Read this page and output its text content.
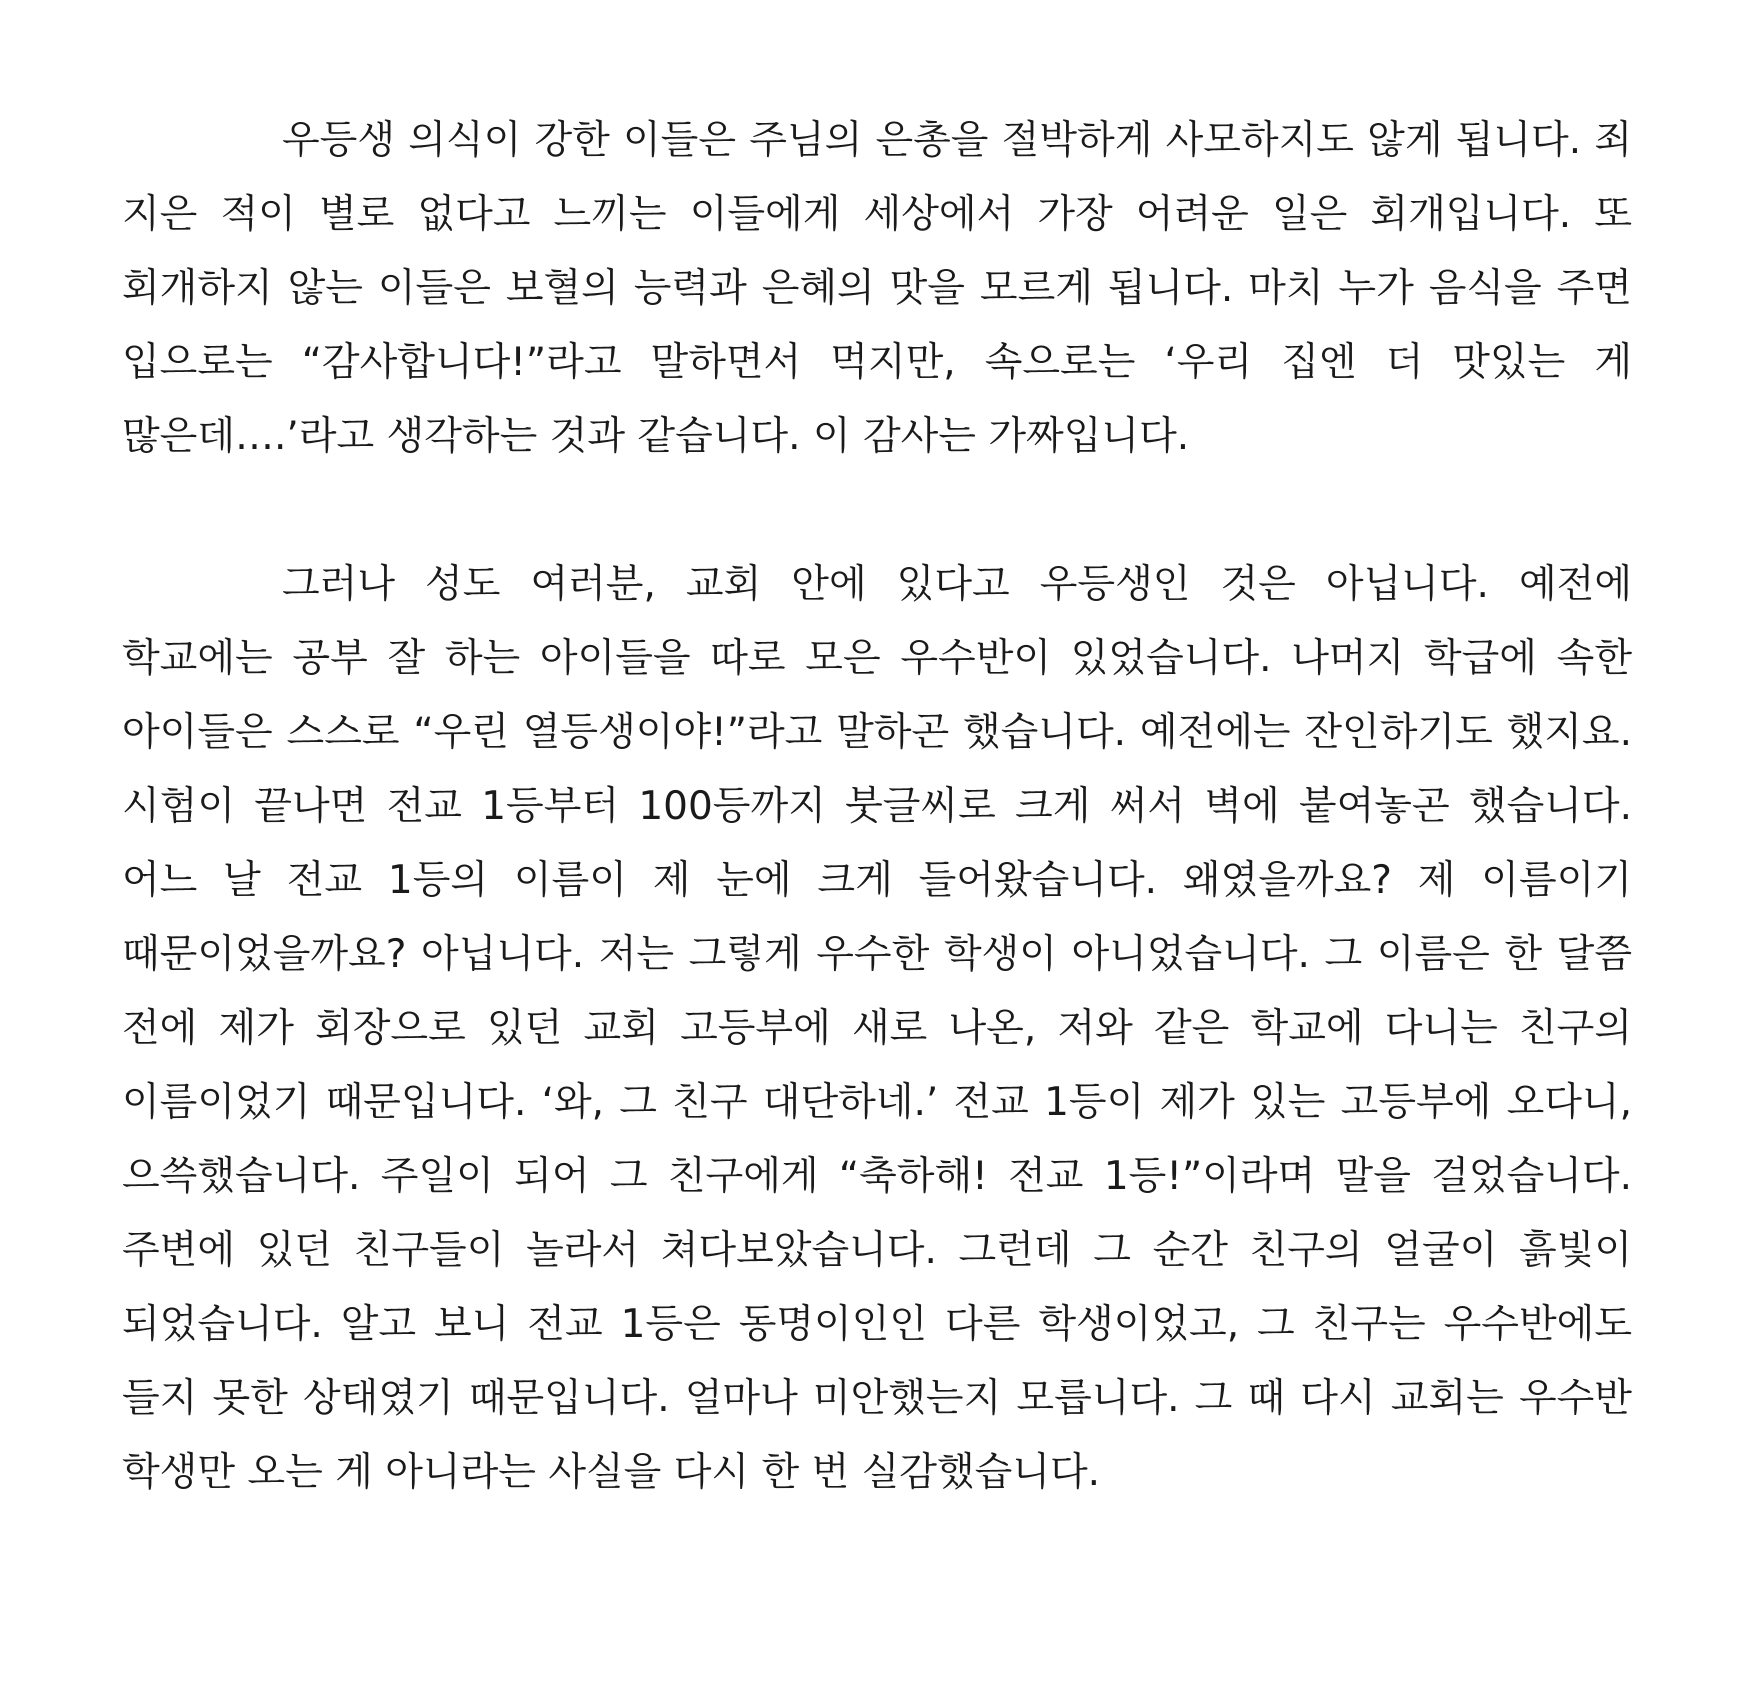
우등생 의식이 강한 이들은 주님의 은총을 절박하게 사모하지도 않게 됩니다. 죄 지은 적이 별로 없다고 느끼는 이들에게 세상에서 가장 어려운 일은 회개입니다. 또 회개하지 않는 이들은 보혈의 능력과 은혜의 맛을 모르게 됩니다. 마치 누가 음식을 주면 입으로는 “감사합니다!”라고 말하면서 먹지만, 속으로는 ‘우리 집엔 더 맛있는 게 많은데….’라고 생각하는 것과 같습니다. 이 감사는 가짜입니다.

그러나 성도 여러분, 교회 안에 있다고 우등생인 것은 아닙니다. 예전에 학교에는 공부 잘 하는 아이들을 따로 모은 우수반이 있었습니다. 나머지 학급에 속한 아이들은 스스로 “우린 열등생이야!”라고 말하곤 했습니다. 예전에는 잔인하기도 했지요. 시험이 끝나면 전교 1등부터 100등까지 붓글씨로 크게 써서 벽에 붙여놓곤 했습니다. 어느 날 전교 1등의 이름이 제 눈에 크게 들어왔습니다. 왜였을까요? 제 이름이기 때문이었을까요? 아닙니다. 저는 그렇게 우수한 학생이 아니었습니다. 그 이름은 한 달쯤 전에 제가 회장으로 있던 교회 고등부에 새로 나온, 저와 같은 학교에 다니는 친구의 이름이었기 때문입니다. ‘와, 그 친구 대단하네.’ 전교 1등이 제가 있는 고등부에 오다니, 으쓱했습니다. 주일이 되어 그 친구에게 “축하해! 전교 1등!”이라며 말을 걸었습니다. 주변에 있던 친구들이 놀라서 쳐다보았습니다. 그런데 그 순간 친구의 얼굴이 흙빛이 되었습니다. 알고 보니 전교 1등은 동명이인인 다른 학생이었고, 그 친구는 우수반에도 들지 못한 상태였기 때문입니다. 얼마나 미안했는지 모릅니다. 그 때 다시 교회는 우수반 학생만 오는 게 아니라는 사실을 다시 한 번 실감했습니다.
